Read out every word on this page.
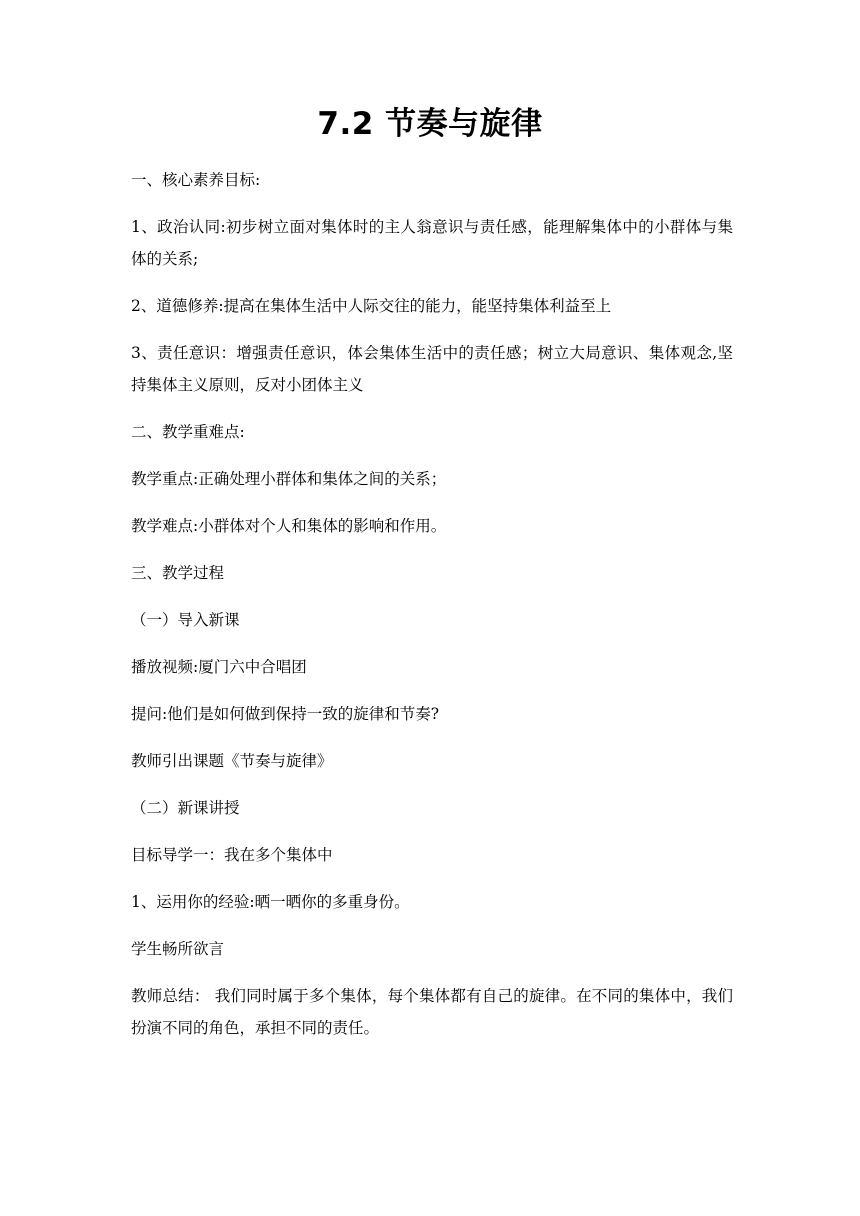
7.2 节奏与旋律

一、核心素养目标:

1、政治认同:初步树立面对集体时的主人翁意识与责任感，能理解集体中的小群体与集体的关系;

2、道德修养:提高在集体生活中人际交往的能力，能坚持集体利益至上

3、责任意识：增强责任意识，体会集体生活中的责任感；树立大局意识、集体观念,坚持集体主义原则，反对小团体主义

二、教学重难点:

教学重点:正确处理小群体和集体之间的关系；

教学难点:小群体对个人和集体的影响和作用。

三、教学过程

（一）导入新课

播放视频:厦门六中合唱团

提问:他们是如何做到保持一致的旋律和节奏?

教师引出课题《节奏与旋律》

（二）新课讲授

目标导学一：我在多个集体中

1、运用你的经验:晒一晒你的多重身份。

学生畅所欲言

教师总结： 我们同时属于多个集体，每个集体都有自己的旋律。在不同的集体中，我们扮演不同的角色，承担不同的责任。
